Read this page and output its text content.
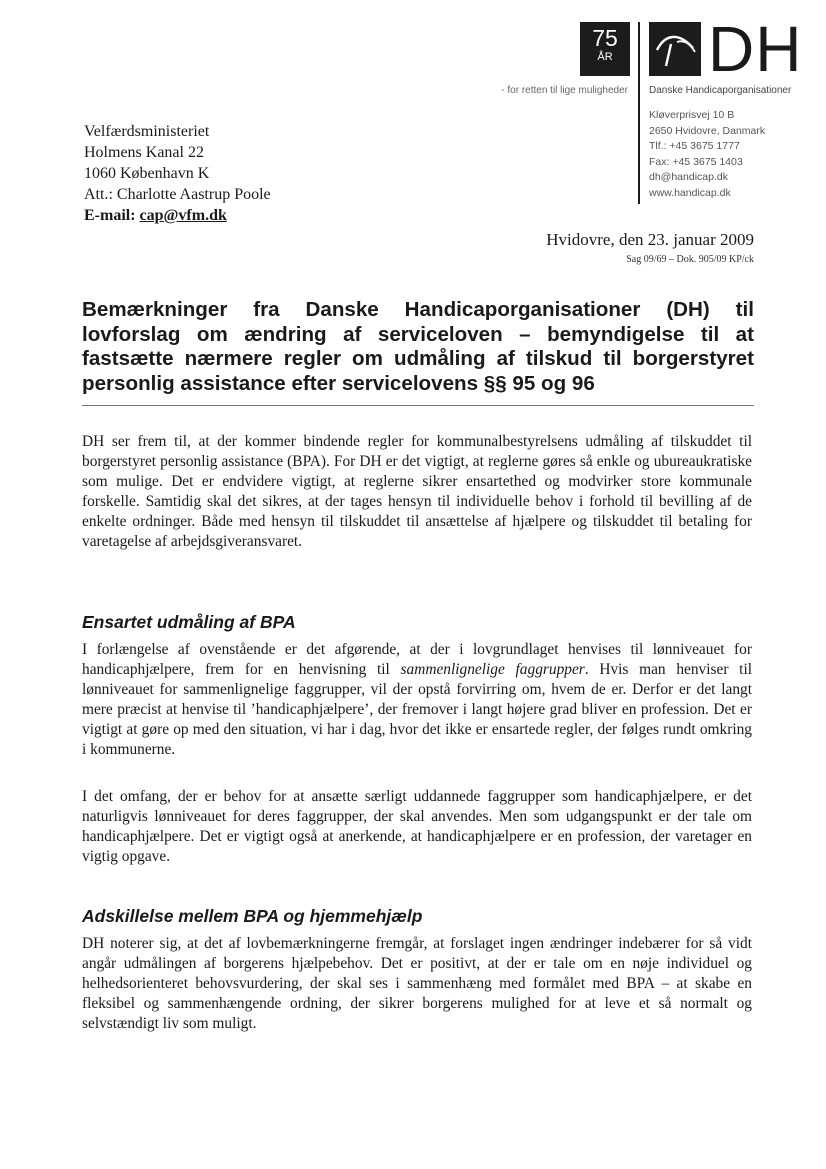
75
ÅR
- for retten til lige muligheder
DH
Danske Handicaporganisationer
Kløverprisvej 10 B
2650 Hvidovre, Danmark
Tlf.: +45 3675 1777
Fax: +45 3675 1403
dh@handicap.dk
www.handicap.dk
Velfærdsministeriet
Holmens Kanal 22
1060 København K
Att.: Charlotte Aastrup Poole
E-mail: cap@vfm.dk
Hvidovre, den 23. januar 2009
Sag 09/69 – Dok. 905/09 KP/ck
Bemærkninger fra Danske Handicaporganisationer (DH) til lovforslag om ændring af serviceloven – bemyndigelse til at fastsætte nærmere regler om udmåling af tilskud til borgerstyret personlig assistance efter servicelovens §§ 95 og 96

DH ser frem til, at der kommer bindende regler for kommunalbestyrelsens udmåling af tilskuddet til borgerstyret personlig assistance (BPA). For DH er det vigtigt, at reglerne gøres så enkle og ubureaukratiske som mulige. Det er endvidere vigtigt, at reglerne sikrer ensartethed og modvirker store kommunale forskelle. Samtidig skal det sikres, at der tages hensyn til individuelle behov i forhold til bevilling af de enkelte ordninger. Både med hensyn til tilskuddet til ansættelse af hjælpere og tilskuddet til betaling for varetagelse af arbejdsgiveransvaret.

Ensartet udmåling af BPA

I forlængelse af ovenstående er det afgørende, at der i lovgrundlaget henvises til lønniveauet for handicaphjælpere, frem for en henvisning til sammenlignelige faggrupper. Hvis man henviser til lønniveauet for sammenlignelige faggrupper, vil der opstå forvirring om, hvem de er. Derfor er det langt mere præcist at henvise til ’handicaphjælpere’, der fremover i langt højere grad bliver en profession. Det er vigtigt at gøre op med den situation, vi har i dag, hvor det ikke er ensartede regler, der følges rundt omkring i kommunerne.

I det omfang, der er behov for at ansætte særligt uddannede faggrupper som handicaphjælpere, er det naturligvis lønniveauet for deres faggrupper, der skal anvendes. Men som udgangspunkt er der tale om handicaphjælpere. Det er vigtigt også at anerkende, at handicaphjælpere er en profession, der varetager en vigtig opgave.

Adskillelse mellem BPA og hjemmehjælp

DH noterer sig, at det af lovbemærkningerne fremgår, at forslaget ingen ændringer indebærer for så vidt angår udmålingen af borgerens hjælpebehov. Det er positivt, at der er tale om en nøje individuel og helhedsorienteret behovsvurdering, der skal ses i sammenhæng med formålet med BPA – at skabe en fleksibel og sammenhængende ordning, der sikrer borgerens mulighed for at leve et så normalt og selvstændigt liv som muligt.
